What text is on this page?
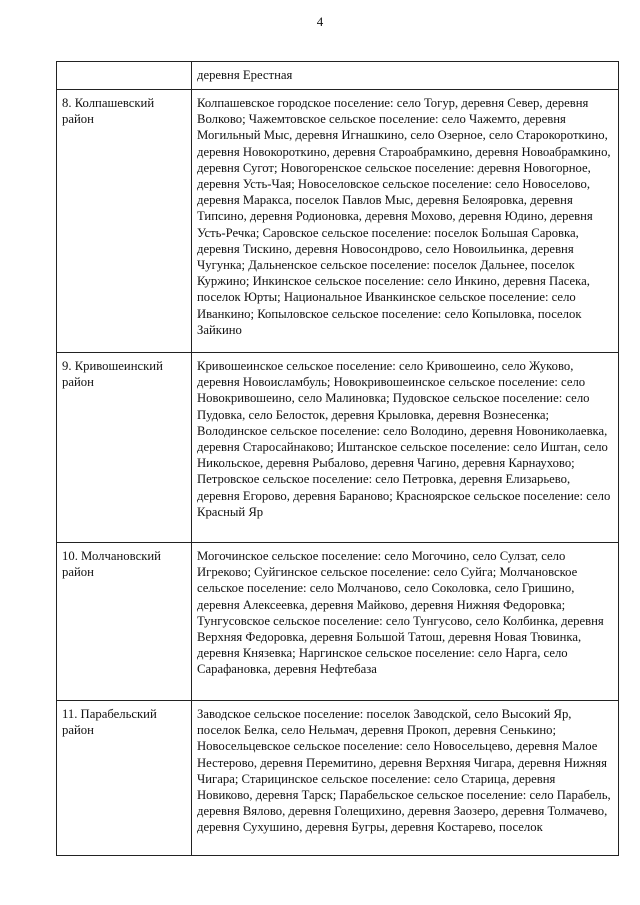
4
	деревня Ерестная
8. Колпашевский район	Колпашевское городское поселение: село Тогур, деревня Север, деревня Волково; Чажемтовское сельское поселение: село Чажемто, деревня Могильный Мыс, деревня Игнашкино, село Озерное, село Старокороткино, деревня Новокороткино, деревня Староабрамкино, деревня Новоабрамкино, деревня Сугот; Новогоренское сельское поселение: деревня Новогорное, деревня Усть-Чая; Новоселовское сельское поселение: село Новоселово, деревня Маракса, поселок Павлов Мыс, деревня Белояровка, деревня Типсино, деревня Родионовка, деревня Мохово, деревня Юдино, деревня Усть-Речка; Саровское сельское поселение: поселок Большая Саровка, деревня Тискино, деревня Новосондрово, село Новоильинка, деревня Чугунка; Дальненское сельское поселение: поселок Дальнее, поселок Куржино; Инкинское сельское поселение: село Инкино, деревня Пасека, поселок Юрты; Национальное Иванкинское сельское поселение: село Иванкино; Копыловское сельское поселение: село Копыловка, поселок Зайкино
9. Кривошеинский район	Кривошеинское сельское поселение: село Кривошеино, село Жуково, деревня Новоисламбуль; Новокривошеинское сельское поселение: село Новокривошеино, село Малиновка; Пудовское сельское поселение: село Пудовка, село Белосток, деревня Крыловка, деревня Вознесенка; Володинское сельское поселение: село Володино, деревня Новониколаевка, деревня Старосайнаково; Иштанское сельское поселение: село Иштан, село Никольское, деревня Рыбалово, деревня Чагино, деревня Карнаухово; Петровское сельское поселение: село Петровка, деревня Елизарьево, деревня Егорово, деревня Бараново; Красноярское сельское поселение: село Красный Яр
10. Молчановский район	Могочинское сельское поселение: село Могочино, село Сулзат, село Игреково; Суйгинское сельское поселение: село Суйга; Молчановское сельское поселение: село Молчаново, село Соколовка, село Гришино, деревня Алексеевка, деревня Майково, деревня Нижняя Федоровка; Тунгусовское сельское поселение: село Тунгусово, село Колбинка, деревня Верхняя Федоровка, деревня Большой Татош, деревня Новая Тювинка, деревня Князевка; Наргинское сельское поселение: село Нарга, село Сарафановка, деревня Нефтебаза
11. Парабельский район	Заводское сельское поселение: поселок Заводской, село Высокий Яр, поселок Белка, село Нельмач, деревня Прокоп, деревня Сенькино; Новосельцевское сельское поселение: село Новосельцево, деревня Малое Нестерово, деревня Перемитино, деревня Верхняя Чигара, деревня Нижняя Чигара; Старицинское сельское поселение: село Старица, деревня Новиково, деревня Тарск; Парабельское сельское поселение: село Парабель, деревня Вялово, деревня Голещихино, деревня Заозеро, деревня Толмачево, деревня Сухушино, деревня Бугры, деревня Костарево, поселок
